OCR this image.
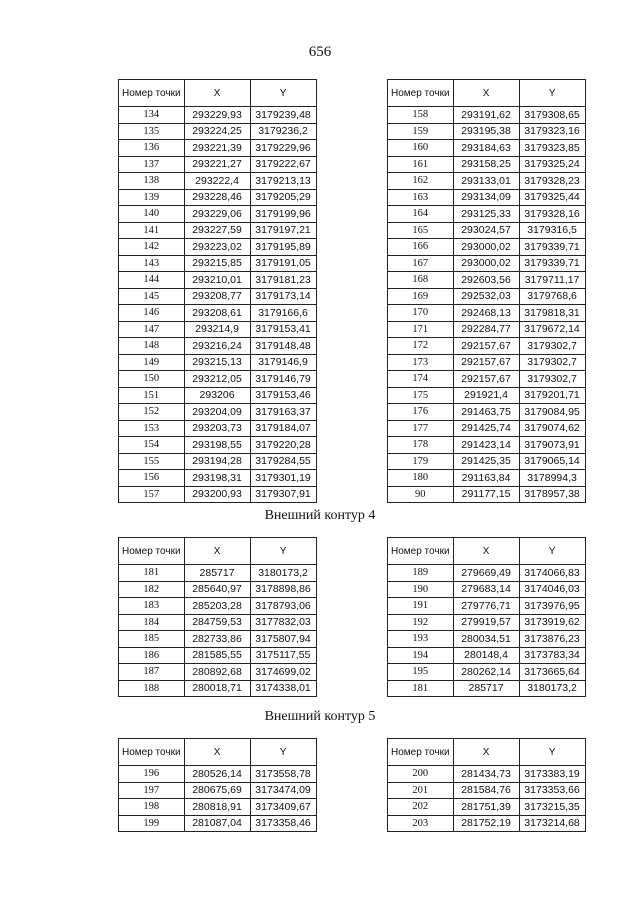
656
Внешний контур 4
Внешний контур 5
Номер точки	X	Y
134	293229,93	3179239,48
135	293224,25	3179236,2
136	293221,39	3179229,96
137	293221,27	3179222,67
138	293222,4	3179213,13
139	293228,46	3179205,29
140	293229,06	3179199,96
141	293227,59	3179197,21
142	293223,02	3179195,89
143	293215,85	3179191,05
144	293210,01	3179181,23
145	293208,77	3179173,14
146	293208,61	3179166,6
147	293214,9	3179153,41
148	293216,24	3179148,48
149	293215,13	3179146,9
150	293212,05	3179146,79
151	293206	3179153,46
152	293204,09	3179163,37
153	293203,73	3179184,07
154	293198,55	3179220,28
155	293194,28	3179284,55
156	293198,31	3179301,19
157	293200,93	3179307,91
Номер точки	X	Y
158	293191,62	3179308,65
159	293195,38	3179323,16
160	293184,63	3179323,85
161	293158,25	3179325,24
162	293133,01	3179328,23
163	293134,09	3179325,44
164	293125,33	3179328,16
165	293024,57	3179316,5
166	293000,02	3179339,71
167	293000,02	3179339,71
168	292603,56	3179711,17
169	292532,03	3179768,6
170	292468,13	3179818,31
171	292284,77	3179672,14
172	292157,67	3179302,7
173	292157,67	3179302,7
174	292157,67	3179302,7
175	291921,4	3179201,71
176	291463,75	3179084,95
177	291425,74	3179074,62
178	291423,14	3179073,91
179	291425,35	3179065,14
180	291163,84	3178994,3
90	291177,15	3178957,38
Номер точки	X	Y
181	285717	3180173,2
182	285640,97	3178898,86
183	285203,28	3178793,06
184	284759,53	3177832,03
185	282733,86	3175807,94
186	281585,55	3175117,55
187	280892,68	3174699,02
188	280018,71	3174338,01
Номер точки	X	Y
189	279669,49	3174066,83
190	279683,14	3174046,03
191	279776,71	3173976,95
192	279919,57	3173919,62
193	280034,51	3173876,23
194	280148,4	3173783,34
195	280262,14	3173665,64
181	285717	3180173,2
Номер точки	X	Y
196	280526,14	3173558,78
197	280675,69	3173474,09
198	280818,91	3173409,67
199	281087,04	3173358,46
Номер точки	X	Y
200	281434,73	3173383,19
201	281584,76	3173353,66
202	281751,39	3173215,35
203	281752,19	3173214,68
